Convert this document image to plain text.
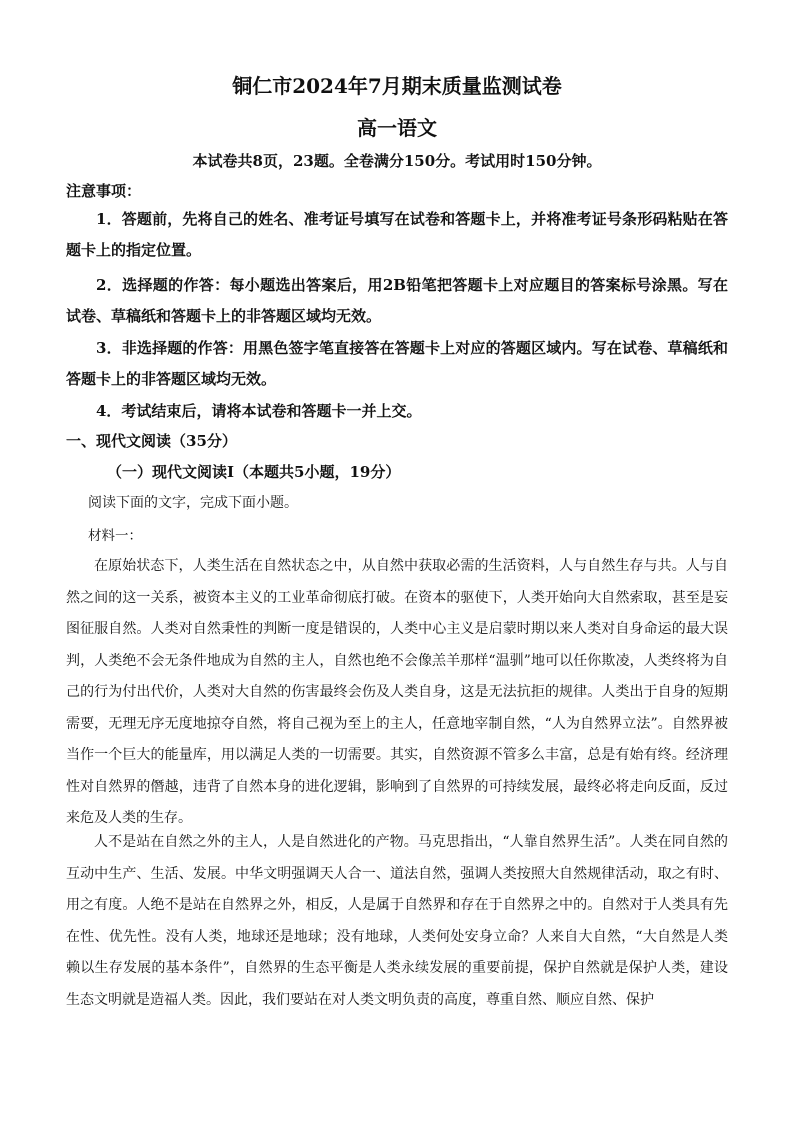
铜仁市2024年7月期末质量监测试卷
高一语文

本试卷共8页，23题。全卷满分150分。考试用时150分钟。

注意事项：

1．答题前，先将自己的姓名、准考证号填写在试卷和答题卡上，并将准考证号条形码粘贴在答题卡上的指定位置。

2．选择题的作答：每小题选出答案后，用2B铅笔把答题卡上对应题目的答案标号涂黑。写在试卷、草稿纸和答题卡上的非答题区域均无效。

3．非选择题的作答：用黑色签字笔直接答在答题卡上对应的答题区域内。写在试卷、草稿纸和答题卡上的非答题区域均无效。

4．考试结束后，请将本试卷和答题卡一并上交。

一、现代文阅读（35分）

（一）现代文阅读Ⅰ（本题共5小题，19分）

阅读下面的文字，完成下面小题。

材料一：

在原始状态下，人类生活在自然状态之中，从自然中获取必需的生活资料，人与自然生存与共。人与自然之间的这一关系，被资本主义的工业革命彻底打破。在资本的驱使下，人类开始向大自然索取，甚至是妄图征服自然。人类对自然秉性的判断一度是错误的，人类中心主义是启蒙时期以来人类对自身命运的最大误判，人类绝不会无条件地成为自然的主人，自然也绝不会像羔羊那样“温驯”地可以任你欺凌，人类终将为自己的行为付出代价，人类对大自然的伤害最终会伤及人类自身，这是无法抗拒的规律。人类出于自身的短期需要，无理无序无度地掠夺自然，将自己视为至上的主人，任意地宰制自然，“人为自然界立法”。自然界被当作一个巨大的能量库，用以满足人类的一切需要。其实，自然资源不管多么丰富，总是有始有终。经济理性对自然界的僭越，违背了自然本身的进化逻辑，影响到了自然界的可持续发展，最终必将走向反面，反过来危及人类的生存。

人不是站在自然之外的主人，人是自然进化的产物。马克思指出，“人靠自然界生活”。人类在同自然的互动中生产、生活、发展。中华文明强调天人合一、道法自然，强调人类按照大自然规律活动，取之有时、用之有度。人绝不是站在自然界之外，相反，人是属于自然界和存在于自然界之中的。自然对于人类具有先在性、优先性。没有人类，地球还是地球；没有地球，人类何处安身立命？人来自大自然，“大自然是人类赖以生存发展的基本条件”，自然界的生态平衡是人类永续发展的重要前提，保护自然就是保护人类，建设生态文明就是造福人类。因此，我们要站在对人类文明负责的高度，尊重自然、顺应自然、保护
